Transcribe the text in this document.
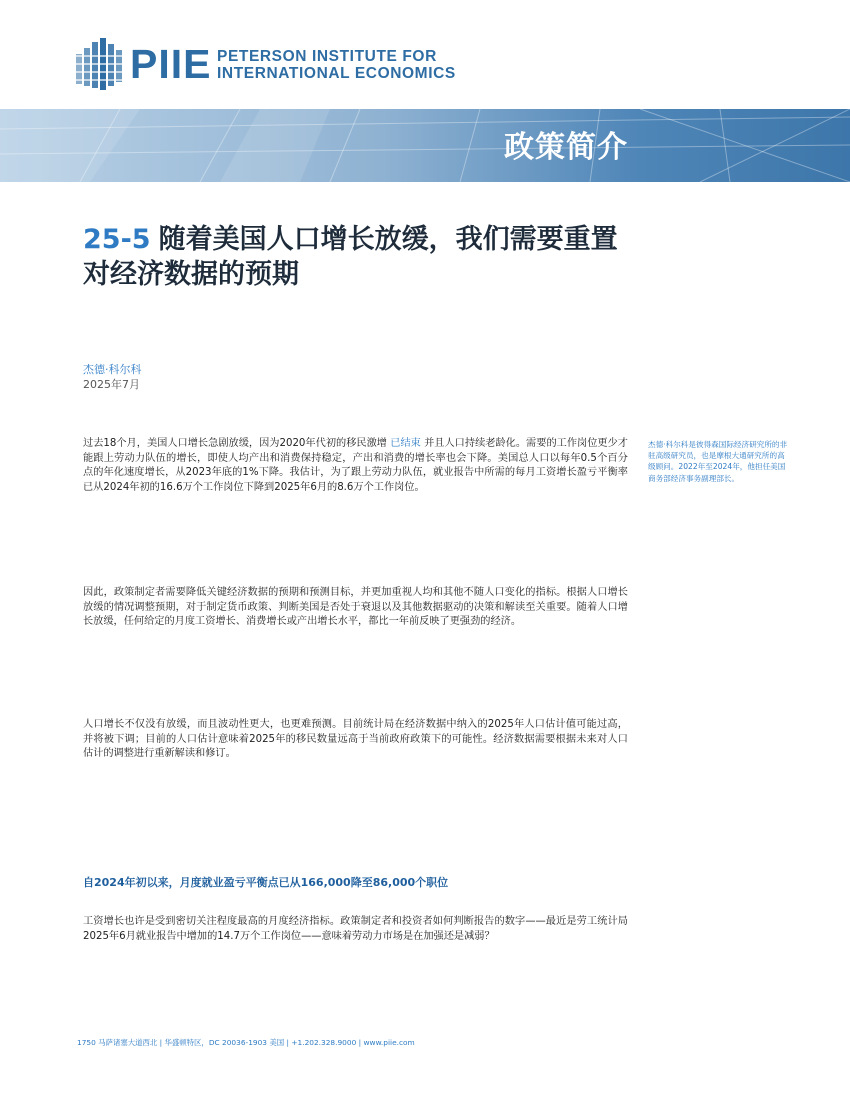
PIIE PETERSON INSTITUTE FOR
INTERNATIONAL ECONOMICS
政策简介
25-5 随着美国人口增长放缓，我们需要重置对经济数据的预期
杰德·科尔科
2025年7月
过去18个月，美国人口增长急剧放缓，因为2020年代初的移民激增 已结束 并且人口持续老龄化。需要的工作岗位更少才能跟上劳动力队伍的增长，即使人均产出和消费保持稳定，产出和消费的增长率也会下降。美国总人口以每年0.5个百分点的年化速度增长，从2023年底的1%下降。我估计，为了跟上劳动力队伍，就业报告中所需的每月工资增长盈亏平衡率已从2024年初的16.6万个工作岗位下降到2025年6月的8.6万个工作岗位。
杰德·科尔科是彼得森国际经济研究所的非驻高级研究员，也是摩根大通研究所的高级顾问。2022年至2024年，他担任美国商务部经济事务副理部长。
因此，政策制定者需要降低关键经济数据的预期和预测目标，并更加重视人均和其他不随人口变化的指标。根据人口增长放缓的情况调整预期，对于制定货币政策、判断美国是否处于衰退以及其他数据驱动的决策和解读至关重要。随着人口增长放缓，任何给定的月度工资增长、消费增长或产出增长水平，都比一年前反映了更强劲的经济。
人口增长不仅没有放缓，而且波动性更大，也更难预测。目前统计局在经济数据中纳入的2025年人口估计值可能过高，并将被下调；目前的人口估计意味着2025年的移民数量远高于当前政府政策下的可能性。经济数据需要根据未来对人口估计的调整进行重新解读和修订。
自2024年初以来，月度就业盈亏平衡点已从166,000降至86,000个职位
工资增长也许是受到密切关注程度最高的月度经济指标。政策制定者和投资者如何判断报告的数字——最近是劳工统计局2025年6月就业报告中增加的14.7万个工作岗位——意味着劳动力市场是在加强还是减弱？
1750 马萨诸塞大道西北 | 华盛顿特区，DC 20036-1903 美国 | +1.202.328.9000 | www.piie.com
